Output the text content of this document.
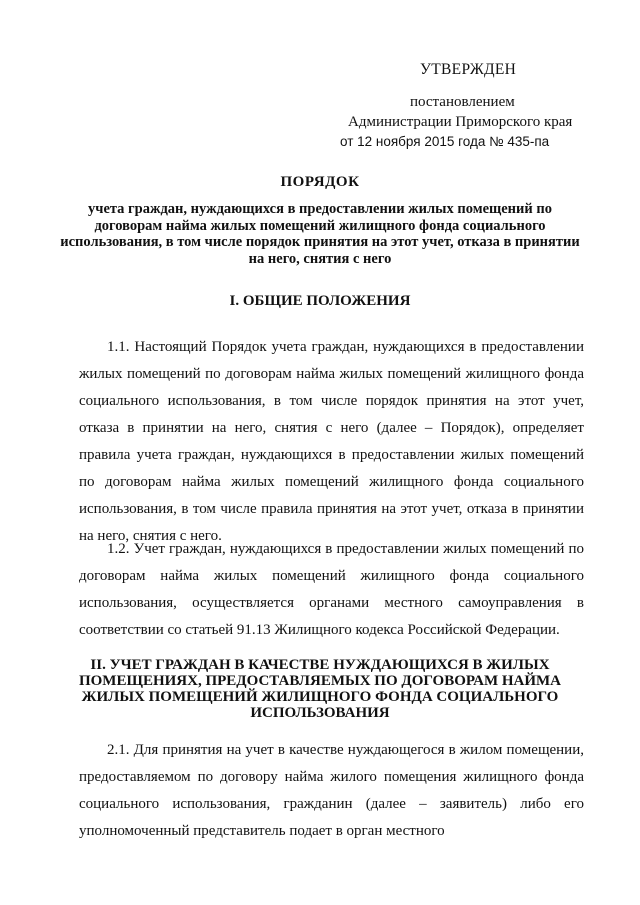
УТВЕРЖДЕН
постановлением
Администрации Приморского края
от 12 ноября 2015 года № 435-па
ПОРЯДОК
учета граждан, нуждающихся в предоставлении жилых помещений по договорам найма жилых помещений жилищного фонда социального использования, в том числе порядок принятия на этот учет, отказа в принятии на него, снятия с него
I. ОБЩИЕ ПОЛОЖЕНИЯ
1.1. Настоящий Порядок учета граждан, нуждающихся в предоставлении жилых помещений по договорам найма жилых помещений жилищного фонда социального использования, в том числе порядок принятия на этот учет, отказа в принятии на него, снятия с него (далее – Порядок), определяет правила учета граждан, нуждающихся в предоставлении жилых помещений по договорам найма жилых помещений жилищного фонда социального использования, в том числе правила принятия на этот учет, отказа в принятии на него, снятия с него.
1.2. Учет граждан, нуждающихся в предоставлении жилых помещений по договорам найма жилых помещений жилищного фонда социального использования, осуществляется органами местного самоуправления в соответствии со статьей 91.13 Жилищного кодекса Российской Федерации.
II. УЧЕТ ГРАЖДАН В КАЧЕСТВЕ НУЖДАЮЩИХСЯ В ЖИЛЫХ ПОМЕЩЕНИЯХ, ПРЕДОСТАВЛЯЕМЫХ ПО ДОГОВОРАМ НАЙМА ЖИЛЫХ ПОМЕЩЕНИЙ ЖИЛИЩНОГО ФОНДА СОЦИАЛЬНОГО ИСПОЛЬЗОВАНИЯ
2.1. Для принятия на учет в качестве нуждающегося в жилом помещении, предоставляемом по договору найма жилого помещения жилищного фонда социального использования, гражданин (далее – заявитель) либо его уполномоченный представитель подает в орган местного
